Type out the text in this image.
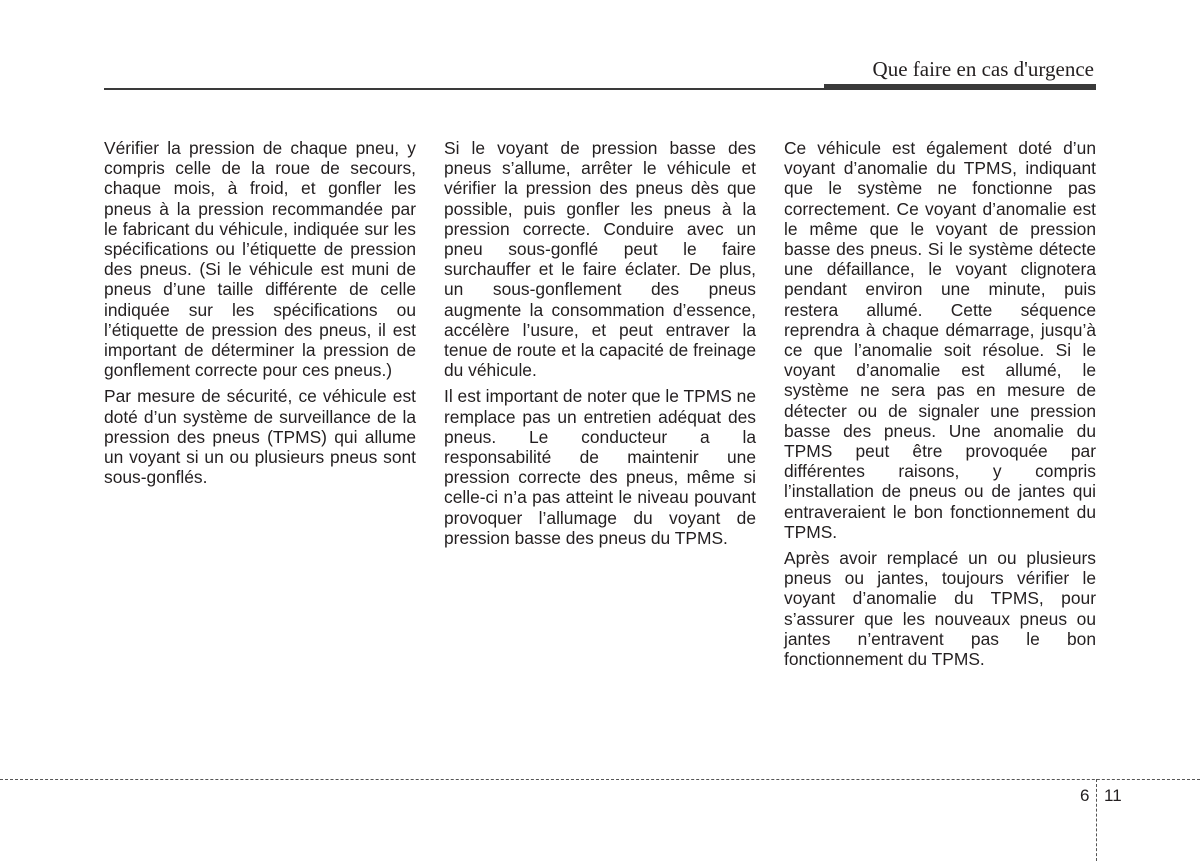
Que faire en cas d'urgence

Vérifier la pression de chaque pneu, y compris celle de la roue de secours, chaque mois, à froid, et gonfler les pneus à la pression recommandée par le fabricant du véhicule, indiquée sur les spécifications ou l’étiquette de pression des pneus. (Si le véhicule est muni de pneus d’une taille différente de celle indiquée sur les spécifications ou l’étiquette de pression des pneus, il est important de déterminer la pression de gonflement correcte pour ces pneus.)

Par mesure de sécurité, ce véhicule est doté d’un système de surveillance de la pression des pneus (TPMS) qui allume un voyant si un ou plusieurs pneus sont sous-gonflés.

Si le voyant de pression basse des pneus s’allume, arrêter le véhicule et vérifier la pression des pneus dès que possible, puis gonfler les pneus à la pression correcte. Conduire avec un pneu sous-gonflé peut le faire surchauffer et le faire éclater. De plus, un sous-gonflement des pneus augmente la consommation d’essence, accélère l’usure, et peut entraver la tenue de route et la capacité de freinage du véhicule.

Il est important de noter que le TPMS ne remplace pas un entretien adéquat des pneus. Le conducteur a la responsabilité de maintenir une pression correcte des pneus, même si celle-ci n’a pas atteint le niveau pouvant provoquer l’allumage du voyant de pression basse des pneus du TPMS.

Ce véhicule est également doté d’un voyant d’anomalie du TPMS, indiquant que le système ne fonctionne pas correctement. Ce voyant d’anomalie est le même que le voyant de pression basse des pneus. Si le système détecte une défaillance, le voyant clignotera pendant environ une minute, puis restera allumé. Cette séquence reprendra à chaque démarrage, jusqu’à ce que l’anomalie soit résolue. Si le voyant d’anomalie est allumé, le système ne sera pas en mesure de détecter ou de signaler une pression basse des pneus. Une anomalie du TPMS peut être provoquée par différentes raisons, y compris l’installation de pneus ou de jantes qui entraveraient le bon fonctionnement du TPMS.

Après avoir remplacé un ou plusieurs pneus ou jantes, toujours vérifier le voyant d’anomalie du TPMS, pour s’assurer que les nouveaux pneus ou jantes n’entravent pas le bon fonctionnement du TPMS.

6 11
